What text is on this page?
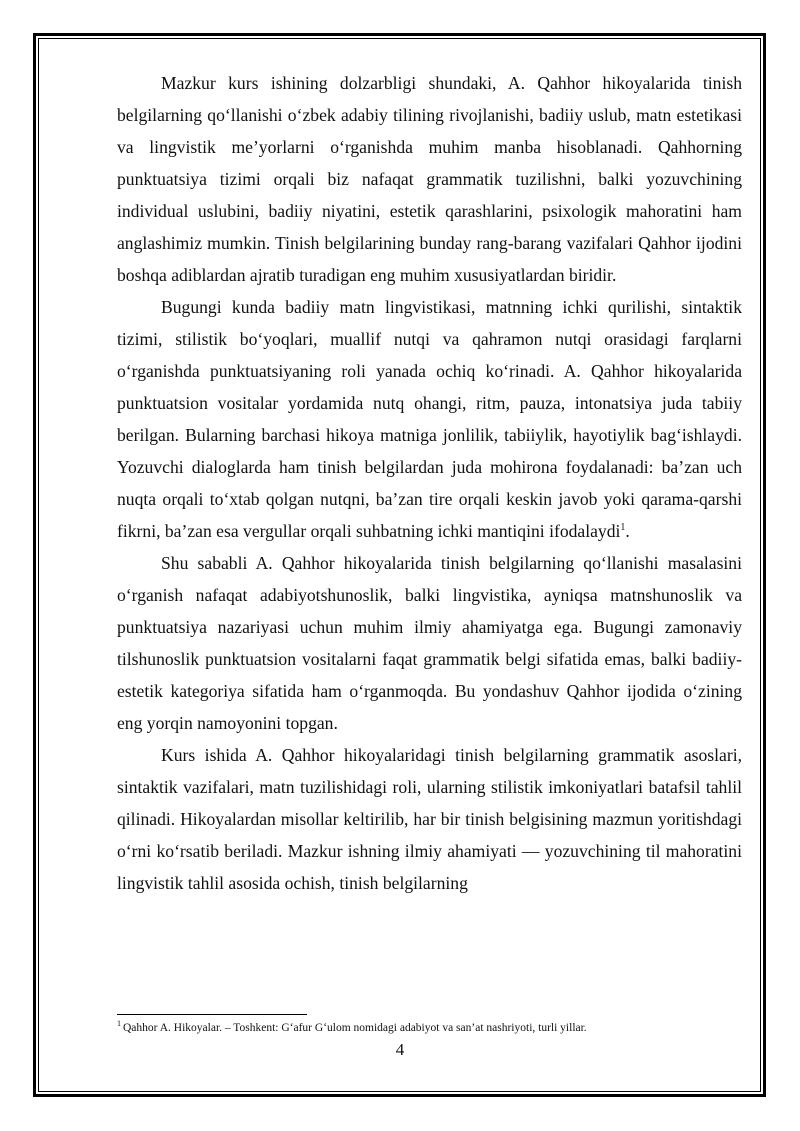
Mazkur kurs ishining dolzarbligi shundaki, A. Qahhor hikoyalarida tinish belgilarning qo‘llanishi o‘zbek adabiy tilining rivojlanishi, badiiy uslub, matn estetikasi va lingvistik me’yorlarni o‘rganishda muhim manba hisoblanadi. Qahhorning punktuatsiya tizimi orqali biz nafaqat grammatik tuzilishni, balki yozuvchining individual uslubini, badiiy niyatini, estetik qarashlarini, psixologik mahoratini ham anglashimiz mumkin. Tinish belgilarining bunday rang-barang vazifalari Qahhor ijodini boshqa adiblardan ajratib turadigan eng muhim xususiyatlardan biridir.

Bugungi kunda badiiy matn lingvistikasi, matnning ichki qurilishi, sintaktik tizimi, stilistik bo‘yoqlari, muallif nutqi va qahramon nutqi orasidagi farqlarni o‘rganishda punktuatsiyaning roli yanada ochiq ko‘rinadi. A. Qahhor hikoyalarida punktuatsion vositalar yordamida nutq ohangi, ritm, pauza, intonatsiya juda tabiiy berilgan. Bularning barchasi hikoya matniga jonlilik, tabiiylik, hayotiylik bag‘ishlaydi. Yozuvchi dialoglarda ham tinish belgilardan juda mohirona foydalanadi: ba’zan uch nuqta orqali to‘xtab qolgan nutqni, ba’zan tire orqali keskin javob yoki qarama-qarshi fikrni, ba’zan esa vergullar orqali suhbatning ichki mantiqini ifodalaydi$^1$.

Shu sababli A. Qahhor hikoyalarida tinish belgilarning qo‘llanishi masalasini o‘rganish nafaqat adabiyotshunoslik, balki lingvistika, ayniqsa matnshunoslik va punktuatsiya nazariyasi uchun muhim ilmiy ahamiyatga ega. Bugungi zamonaviy tilshunoslik punktuatsion vositalarni faqat grammatik belgi sifatida emas, balki badiiy-estetik kategoriya sifatida ham o‘rganmoqda. Bu yondashuv Qahhor ijodida o‘zining eng yorqin namoyonini topgan.

Kurs ishida A. Qahhor hikoyalaridagi tinish belgilarning grammatik asoslari, sintaktik vazifalari, matn tuzilishidagi roli, ularning stilistik imkoniyatlari batafsil tahlil qilinadi. Hikoyalardan misollar keltirilib, har bir tinish belgisining mazmun yoritishdagi o‘rni ko‘rsatib beriladi. Mazkur ishning ilmiy ahamiyati — yozuvchining til mahoratini lingvistik tahlil asosida ochish, tinish belgilarning

$^1$ Qahhor A. Hikoyalar. – Toshkent: G‘afur G‘ulom nomidagi adabiyot va san’at nashriyoti, turli yillar.
4
